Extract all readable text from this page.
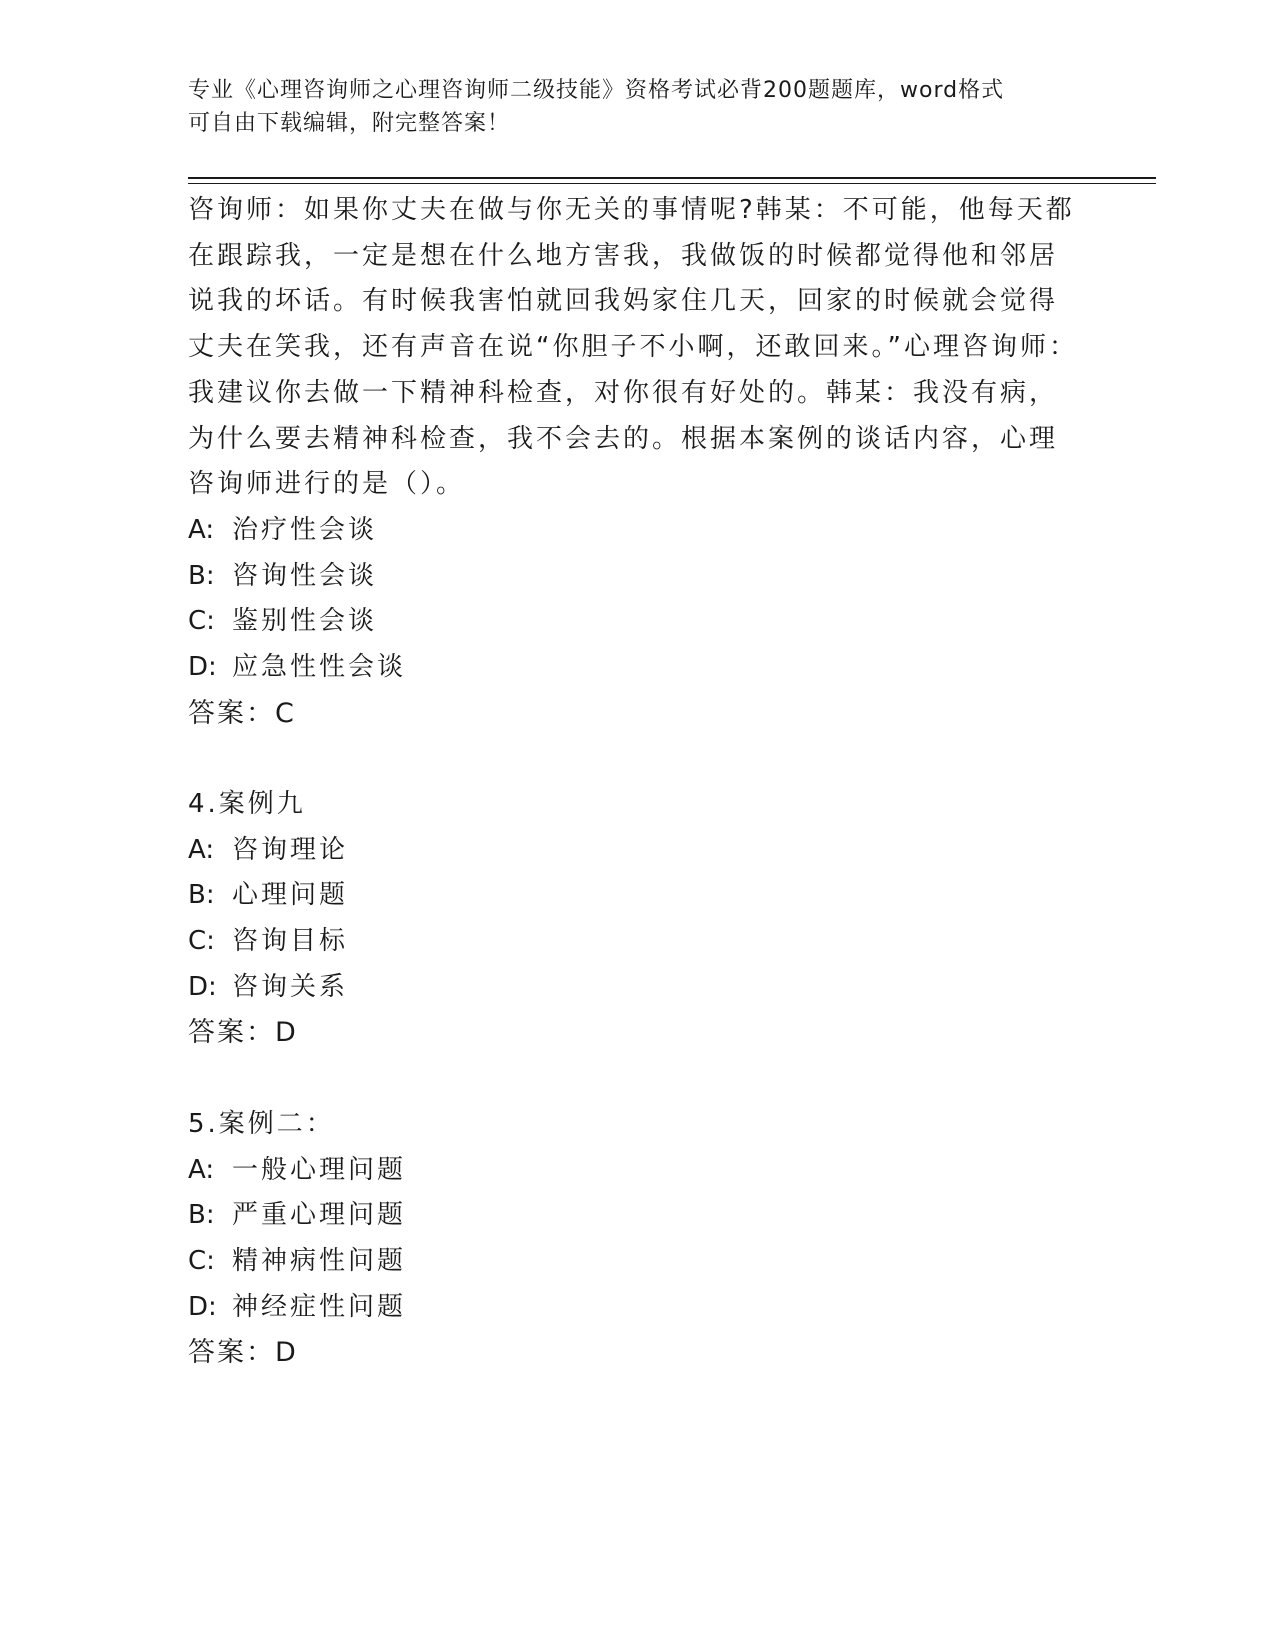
专业《心理咨询师之心理咨询师二级技能》资格考试必背200题题库，word格式
可自由下载编辑，附完整答案！

咨询师：如果你丈夫在做与你无关的事情呢?韩某：不可能，他每天都在跟踪我，一定是想在什么地方害我，我做饭的时候都觉得他和邻居说我的坏话。有时候我害怕就回我妈家住几天，回家的时候就会觉得丈夫在笑我，还有声音在说“你胆子不小啊，还敢回来。”心理咨询师：我建议你去做一下精神科检查，对你很有好处的。韩某：我没有病，为什么要去精神科检查，我不会去的。根据本案例的谈话内容，心理咨询师进行的是（）。

A: 治疗性会谈
B: 咨询性会谈
C: 鉴别性会谈
D: 应急性性会谈
答案：C
4.案例九
A: 咨询理论
B: 心理问题
C: 咨询目标
D: 咨询关系
答案：D
5.案例二：
A: 一般心理问题
B: 严重心理问题
C: 精神病性问题
D: 神经症性问题
答案：D
